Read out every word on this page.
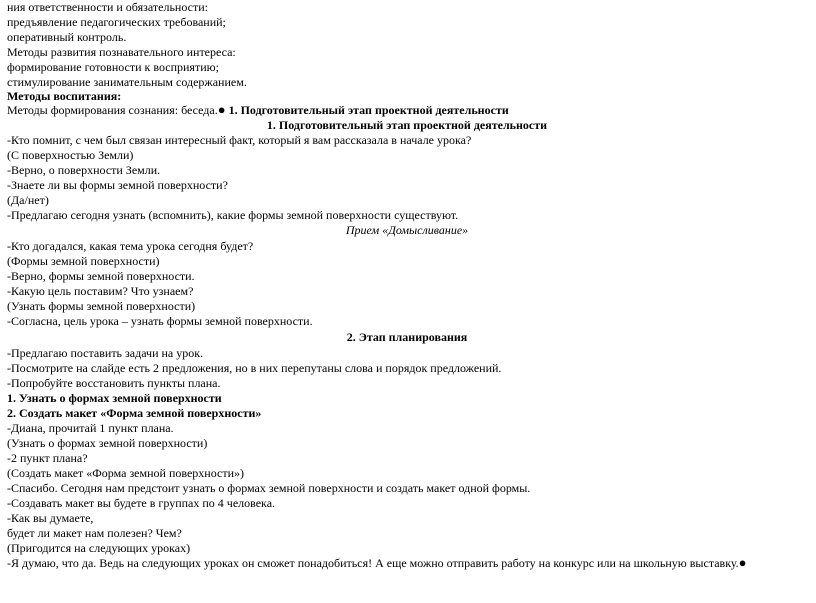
ния ответственности и обязательности:
предъявление педагогических требований;
оперативный контроль.
Методы развития познавательного интереса:
формирование готовности к восприятию;
стимулирование занимательным содержанием.
Методы воспитания:
Методы формирования сознания: беседа.● 1. Подготовительный этап проектной деятельности
1. Подготовительный этап проектной деятельности
-Кто помнит, с чем был связан интересный факт, который я вам рассказала в начале урока?
(С поверхностью Земли)
-Верно, о поверхности Земли.
-Знаете ли вы формы земной поверхности?
(Да/нет)
-Предлагаю сегодня узнать (вспомнить), какие формы земной поверхности существуют.
Прием «Домысливание»
-Кто догадался, какая тема урока сегодня будет?
(Формы земной поверхности)
-Верно, формы земной поверхности.
-Какую цель поставим? Что узнаем?
(Узнать формы земной поверхности)
-Согласна, цель урока – узнать формы земной поверхности.
2. Этап планирования
-Предлагаю поставить задачи на урок.
-Посмотрите на слайде есть 2 предложения, но в них перепутаны слова и порядок предложений.
-Попробуйте восстановить пункты плана.
1. Узнать о формах земной поверхности
2. Создать макет «Форма земной поверхности»
-Диана, прочитай 1 пункт плана.
(Узнать о формах земной поверхности)
-2 пункт плана?
(Создать макет «Форма земной поверхности»)
-Спасибо. Сегодня нам предстоит узнать о формах земной поверхности и создать макет одной формы.
-Создавать макет вы будете в группах по 4 человека.
-Как вы думаете,
будет ли макет нам полезен? Чем?
(Пригодится на следующих уроках)
-Я думаю, что да. Ведь на следующих уроках он сможет понадобиться! А еще можно отправить работу на конкурс или на школьную выставку.●
